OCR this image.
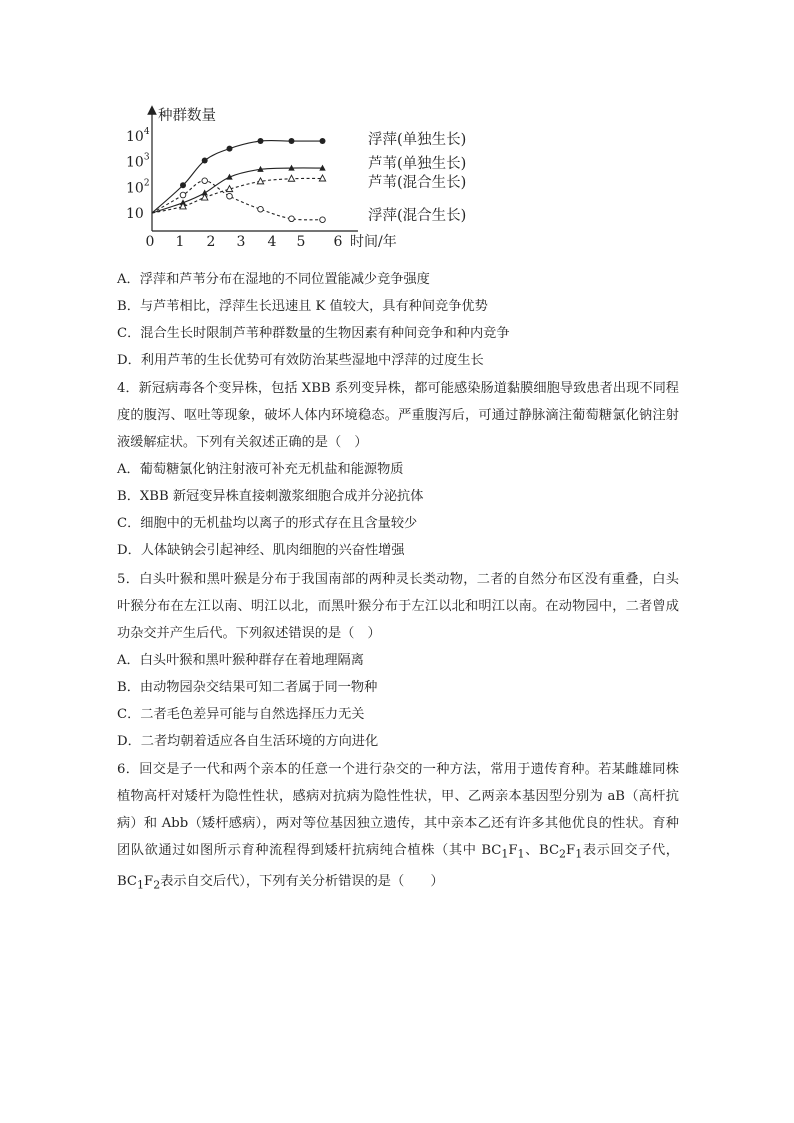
种群数量
时间/年
$10^4$
$10^3$
$10^2$
10
0 1 2 3 4 5 6
浮萍(单独生长)
芦苇(单独生长)
芦苇(混合生长)
浮萍(混合生长)
A．浮萍和芦苇分布在湿地的不同位置能减少竞争强度
B．与芦苇相比，浮萍生长迅速且 K 值较大，具有种间竞争优势
C．混合生长时限制芦苇种群数量的生物因素有种间竞争和种内竞争
D．利用芦苇的生长优势可有效防治某些湿地中浮萍的过度生长
4．新冠病毒各个变异株，包括 XBB 系列变异株，都可能感染肠道黏膜细胞导致患者出现不同程度的腹泻、呕吐等现象，破坏人体内环境稳态。严重腹泻后，可通过静脉滴注葡萄糖氯化钠注射液缓解症状。下列有关叙述正确的是（　）
A．葡萄糖氯化钠注射液可补充无机盐和能源物质
B．XBB 新冠变异株直接刺激浆细胞合成并分泌抗体
C．细胞中的无机盐均以离子的形式存在且含量较少
D．人体缺钠会引起神经、肌肉细胞的兴奋性增强
5．白头叶猴和黑叶猴是分布于我国南部的两种灵长类动物，二者的自然分布区没有重叠，白头叶猴分布在左江以南、明江以北，而黑叶猴分布于左江以北和明江以南。在动物园中，二者曾成功杂交并产生后代。下列叙述错误的是（　）
A．白头叶猴和黑叶猴种群存在着地理隔离
B．由动物园杂交结果可知二者属于同一物种
C．二者毛色差异可能与自然选择压力无关
D．二者均朝着适应各自生活环境的方向进化
6．回交是子一代和两个亲本的任意一个进行杂交的一种方法，常用于遗传育种。若某雌雄同株植物高杆对矮杆为隐性性状，感病对抗病为隐性性状，甲、乙两亲本基因型分别为 aB（高杆抗病）和 Abb（矮杆感病），两对等位基因独立遗传，其中亲本乙还有许多其他优良的性状。育种团队欲通过如图所示育种流程得到矮杆抗病纯合植株（其中 $BC_1F_1$、$BC_2F_1$表示回交子代，$BC_1F_2$表示自交后代），下列有关分析错误的是（　　）
